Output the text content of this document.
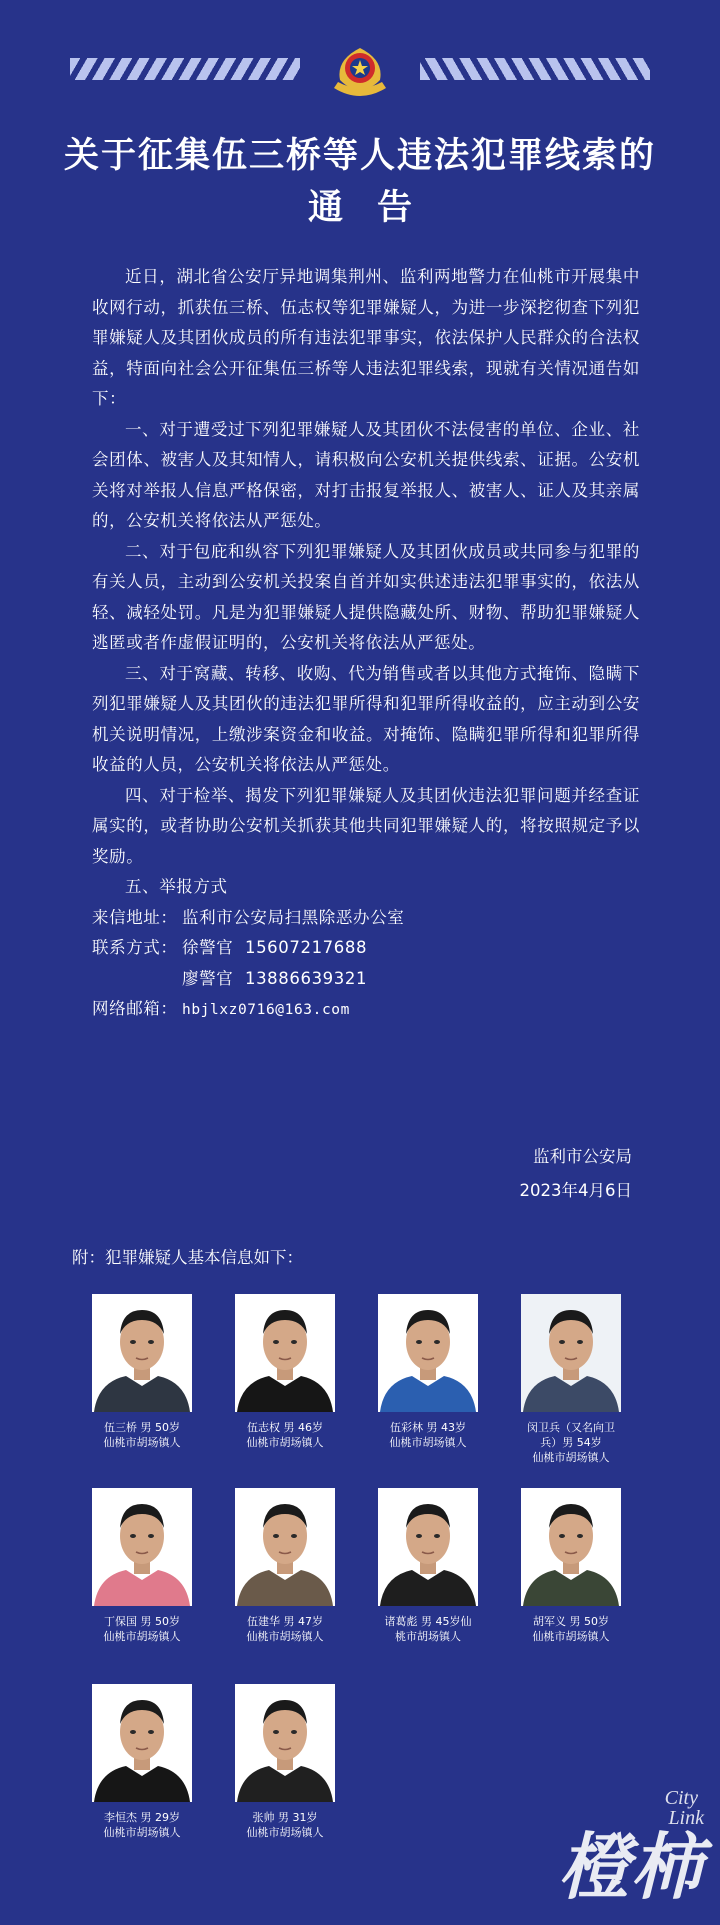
关于征集伍三桥等人违法犯罪线索的
通告

近日，湖北省公安厅异地调集荆州、监利两地警力在仙桃市开展集中收网行动，抓获伍三桥、伍志权等犯罪嫌疑人，为进一步深挖彻查下列犯罪嫌疑人及其团伙成员的所有违法犯罪事实，依法保护人民群众的合法权益，特面向社会公开征集伍三桥等人违法犯罪线索，现就有关情况通告如下：

一、对于遭受过下列犯罪嫌疑人及其团伙不法侵害的单位、企业、社会团体、被害人及其知情人，请积极向公安机关提供线索、证据。公安机关将对举报人信息严格保密，对打击报复举报人、被害人、证人及其亲属的，公安机关将依法从严惩处。

二、对于包庇和纵容下列犯罪嫌疑人及其团伙成员或共同参与犯罪的有关人员，主动到公安机关投案自首并如实供述违法犯罪事实的，依法从轻、减轻处罚。凡是为犯罪嫌疑人提供隐藏处所、财物、帮助犯罪嫌疑人逃匿或者作虚假证明的，公安机关将依法从严惩处。

三、对于窝藏、转移、收购、代为销售或者以其他方式掩饰、隐瞒下列犯罪嫌疑人及其团伙的违法犯罪所得和犯罪所得收益的，应主动到公安机关说明情况，上缴涉案资金和收益。对掩饰、隐瞒犯罪所得和犯罪所得收益的人员，公安机关将依法从严惩处。

四、对于检举、揭发下列犯罪嫌疑人及其团伙违法犯罪问题并经查证属实的，或者协助公安机关抓获其他共同犯罪嫌疑人的，将按照规定予以奖励。

五、举报方式

来信地址： 监利市公安局扫黑除恶办公室
联系方式： 徐警官  15607217688
廖警官  13886639321
网络邮箱： hbjlxz0716@163.com
监利市公安局
2023年4月6日
附：犯罪嫌疑人基本信息如下：
伍三桥 男 50岁
仙桃市胡场镇人
伍志权 男 46岁
仙桃市胡场镇人
伍彩林 男 43岁
仙桃市胡场镇人
闵卫兵（又名向卫
兵）男 54岁
仙桃市胡场镇人
丁保国 男 50岁
仙桃市胡场镇人
伍建华 男 47岁
仙桃市胡场镇人
诸葛彪 男 45岁仙
桃市胡场镇人
胡军义 男 50岁
仙桃市胡场镇人
李恒杰 男 29岁
仙桃市胡场镇人
张帅 男 31岁
仙桃市胡场镇人
City
Link
橙柿
